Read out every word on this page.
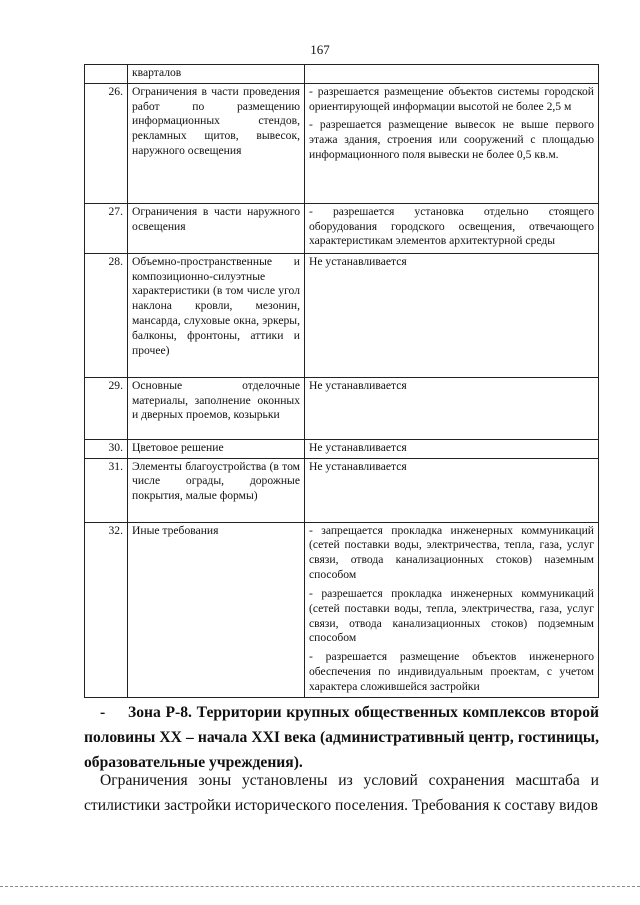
167
	кварталов	
26.	Ограничения в части проведения работ по размещению информационных стендов, рекламных щитов, вывесок, наружного освещения	- разрешается размещение объектов системы городской ориентирующей информации высотой не более 2,5 м

- разрешается размещение вывесок не выше первого этажа здания, строения или сооружений с площадью информационного поля вывески не более 0,5 кв.м.

27.	Ограничения в части наружного освещения	- разрешается установка отдельно стоящего оборудования городского освещения, отвечающего характеристикам элементов архитектурной среды

28.	Объемно-пространственные и композиционно-силуэтные характеристики (в том числе угол наклона кровли, мезонин, мансарда, слуховые окна, эркеры, балконы, фронтоны, аттики и прочее)	Не устанавливается

29.	Основные отделочные материалы, заполнение оконных и дверных проемов, козырьки	Не устанавливается

30.	Цветовое решение	Не устанавливается

31.	Элементы благоустройства (в том числе ограды, дорожные покрытия, малые формы)	Не устанавливается

32.	Иные требования	- запрещается прокладка инженерных коммуникаций (сетей поставки воды, электричества, тепла, газа, услуг связи, отвода канализационных стоков) наземным способом

- разрешается прокладка инженерных коммуникаций (сетей поставки воды, тепла, электричества, газа, услуг связи, отвода канализационных стоков) подземным способом

- разрешается размещение объектов инженерного обеспечения по индивидуальным проектам, с учетом характера сложившейся застройки

- Зона Р-8. Территории крупных общественных комплексов второй половины XX – начала XXI века (административный центр, гостиницы, образовательные учреждения).
Ограничения зоны установлены из условий сохранения масштаба и стилистики застройки исторического поселения. Требования к составу видов
